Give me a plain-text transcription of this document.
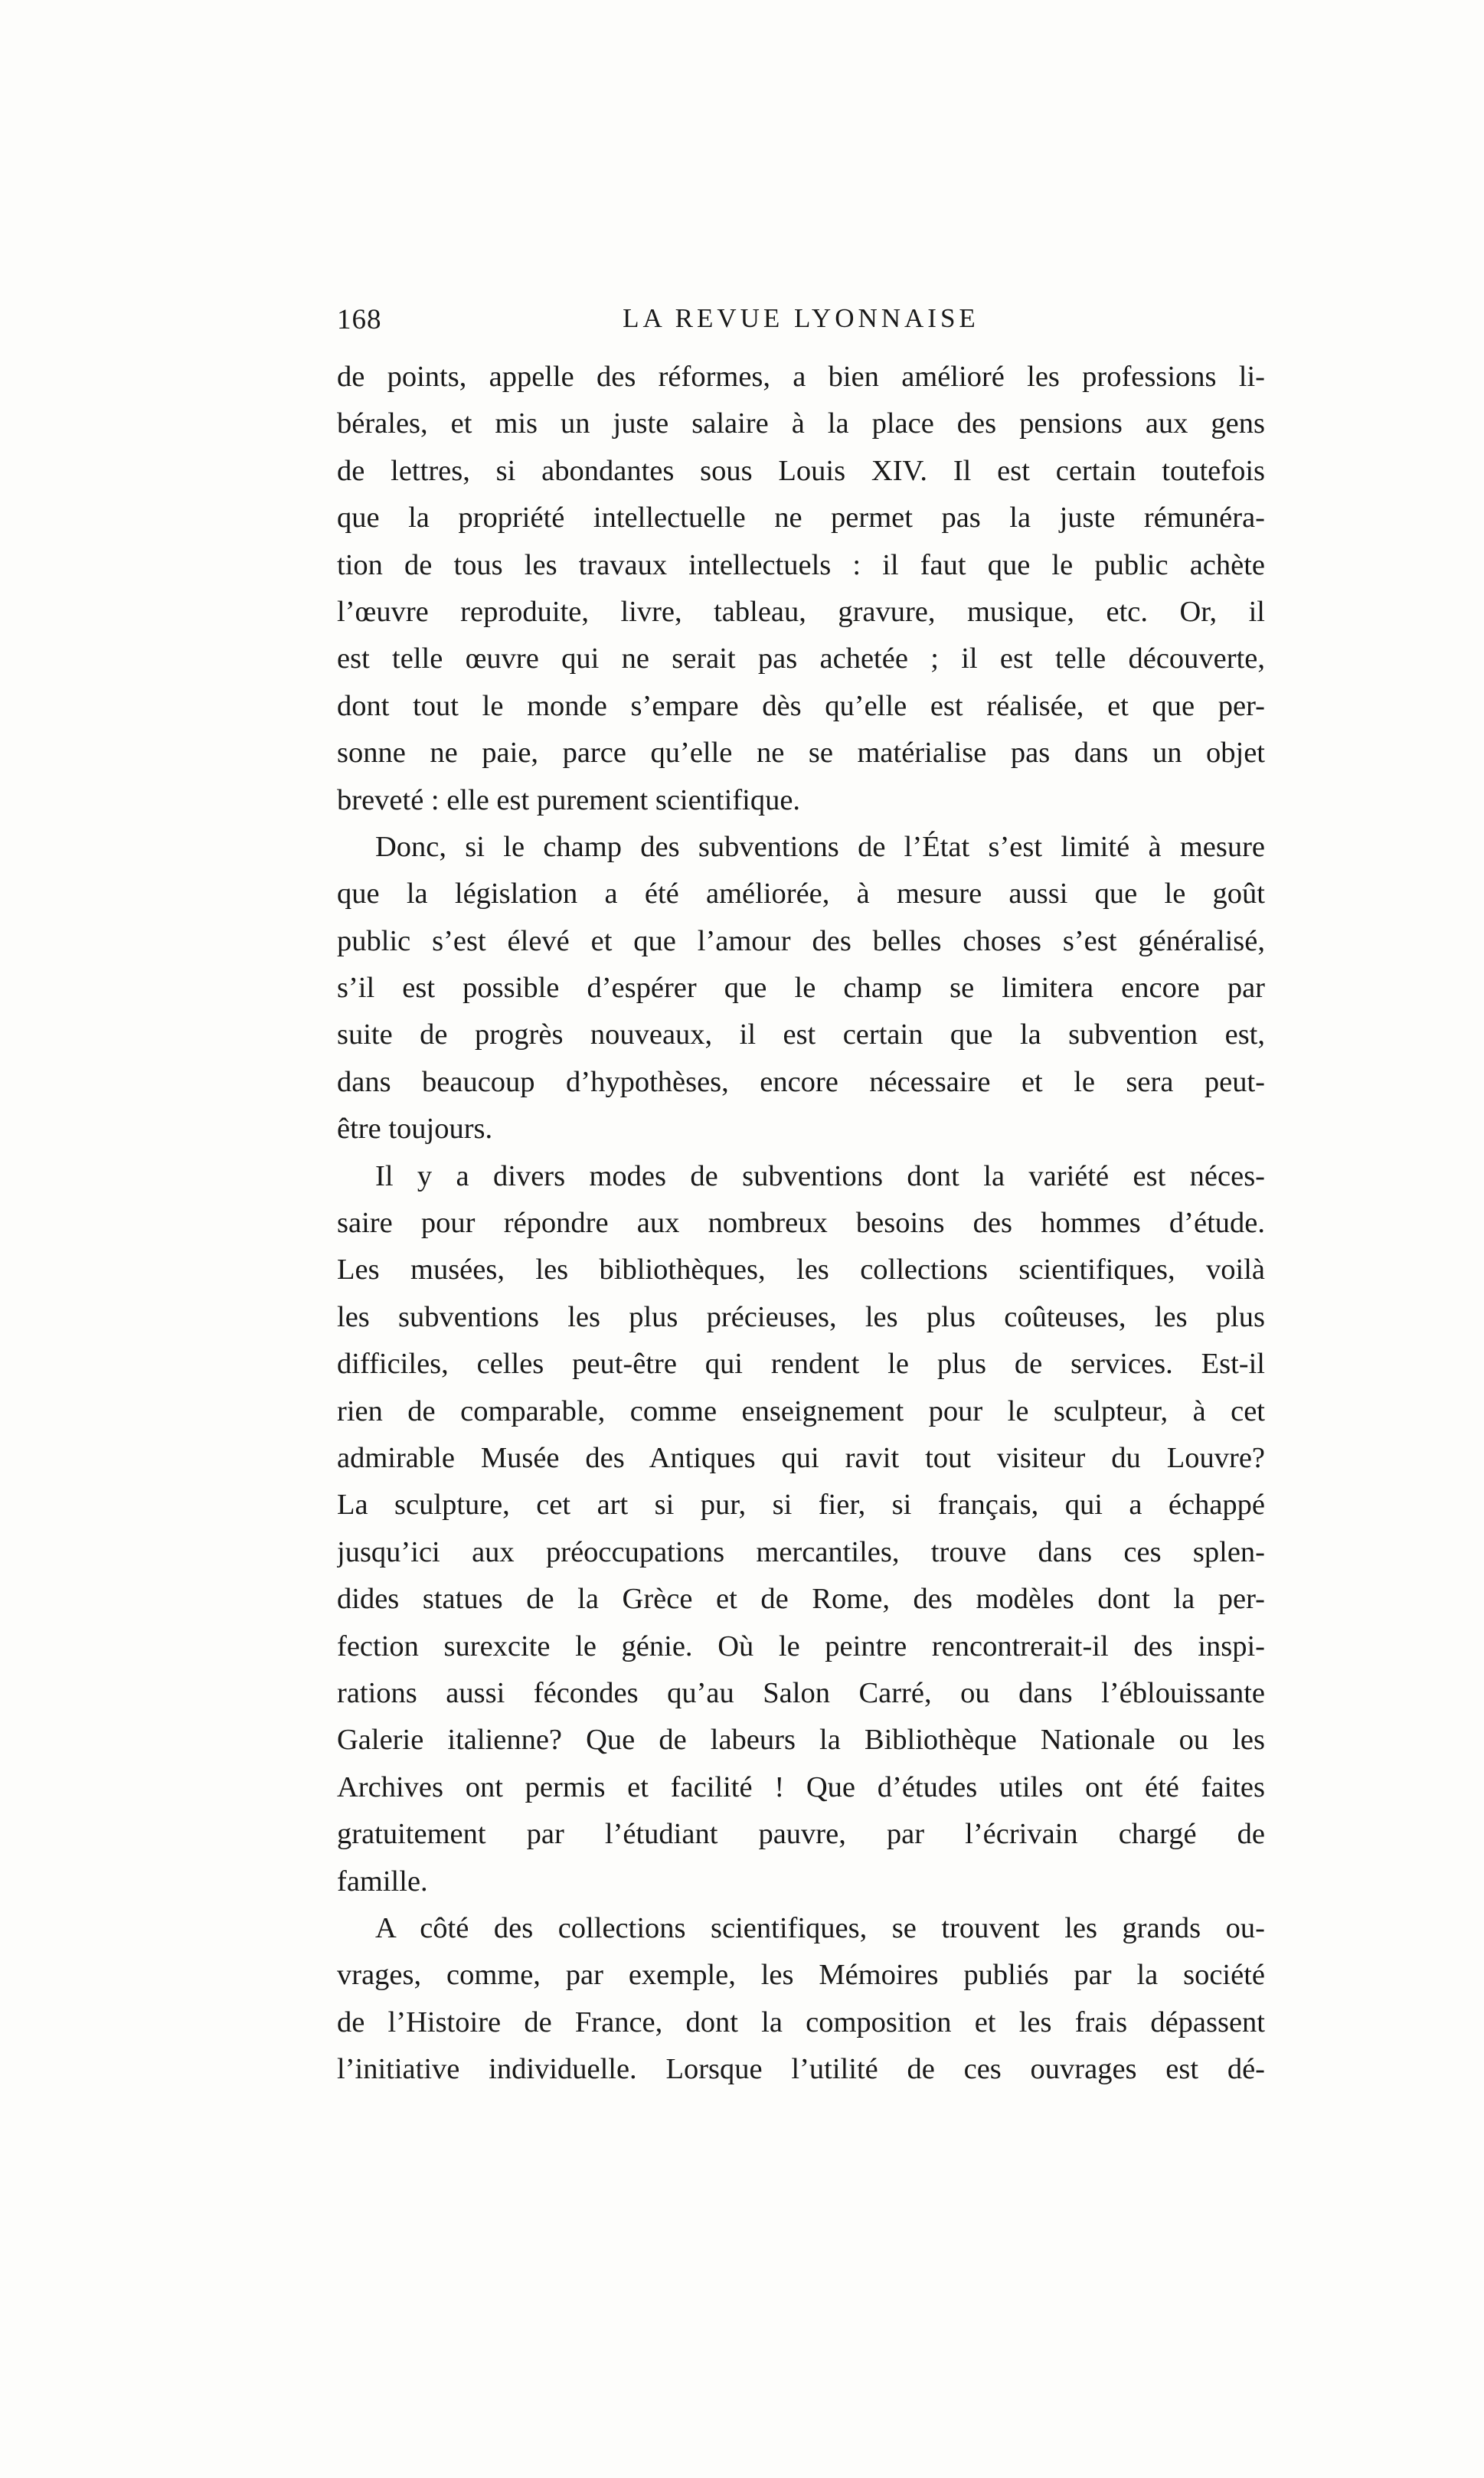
168	LA REVUE LYONNAISE
de points, appelle des réformes, a bien amélioré les professions li-
bérales, et mis un juste salaire à la place des pensions aux gens
de lettres, si abondantes sous Louis XIV. Il est certain toutefois
que la propriété intellectuelle ne permet pas la juste rémunéra-
tion de tous les travaux intellectuels : il faut que le public achète
l’œuvre reproduite, livre, tableau, gravure, musique, etc. Or, il
est telle œuvre qui ne serait pas achetée ; il est telle découverte,
dont tout le monde s’empare dès qu’elle est réalisée, et que per-
sonne ne paie, parce qu’elle ne se matérialise pas dans un objet
breveté : elle est purement scientifique.
Donc, si le champ des subventions de l’État s’est limité à mesure
que la législation a été améliorée, à mesure aussi que le goût
public s’est élevé et que l’amour des belles choses s’est généralisé,
s’il est possible d’espérer que le champ se limitera encore par
suite de progrès nouveaux, il est certain que la subvention est,
dans beaucoup d’hypothèses, encore nécessaire et le sera peut-
être toujours.
Il y a divers modes de subventions dont la variété est néces-
saire pour répondre aux nombreux besoins des hommes d’étude.
Les musées, les bibliothèques, les collections scientifiques, voilà
les subventions les plus précieuses, les plus coûteuses, les plus
difficiles, celles peut-être qui rendent le plus de services. Est-il
rien de comparable, comme enseignement pour le sculpteur, à cet
admirable Musée des Antiques qui ravit tout visiteur du Louvre?
La sculpture, cet art si pur, si fier, si français, qui a échappé
jusqu’ici aux préoccupations mercantiles, trouve dans ces splen-
dides statues de la Grèce et de Rome, des modèles dont la per-
fection surexcite le génie. Où le peintre rencontrerait-il des inspi-
rations aussi fécondes qu’au Salon Carré, ou dans l’éblouissante
Galerie italienne? Que de labeurs la Bibliothèque Nationale ou les
Archives ont permis et facilité ! Que d’études utiles ont été faites
gratuitement par l’étudiant pauvre, par l’écrivain chargé de
famille.
A côté des collections scientifiques, se trouvent les grands ou-
vrages, comme, par exemple, les Mémoires publiés par la société
de l’Histoire de France, dont la composition et les frais dépassent
l’initiative individuelle. Lorsque l’utilité de ces ouvrages est dé-
